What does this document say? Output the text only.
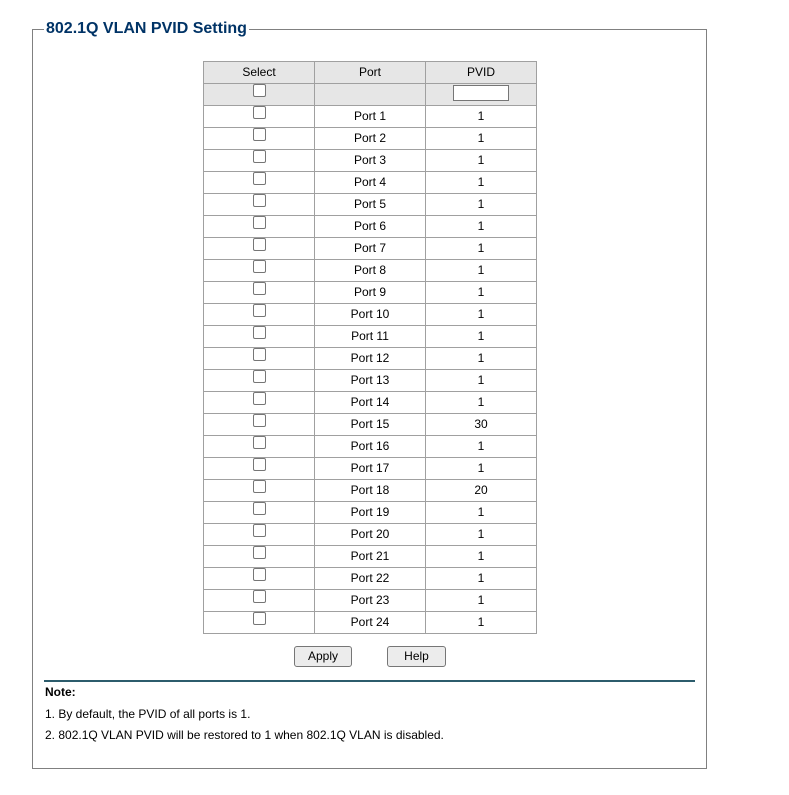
802.1Q VLAN PVID Setting
Select	Port	PVID

	Port 1	1
	Port 2	1
	Port 3	1
	Port 4	1
	Port 5	1
	Port 6	1
	Port 7	1
	Port 8	1
	Port 9	1
	Port 10	1
	Port 11	1
	Port 12	1
	Port 13	1
	Port 14	1
	Port 15	30
	Port 16	1
	Port 17	1
	Port 18	20
	Port 19	1
	Port 20	1
	Port 21	1
	Port 22	1
	Port 23	1
	Port 24	1
Apply	Help
Note:
1. By default, the PVID of all ports is 1.
2. 802.1Q VLAN PVID will be restored to 1 when 802.1Q VLAN is disabled.
